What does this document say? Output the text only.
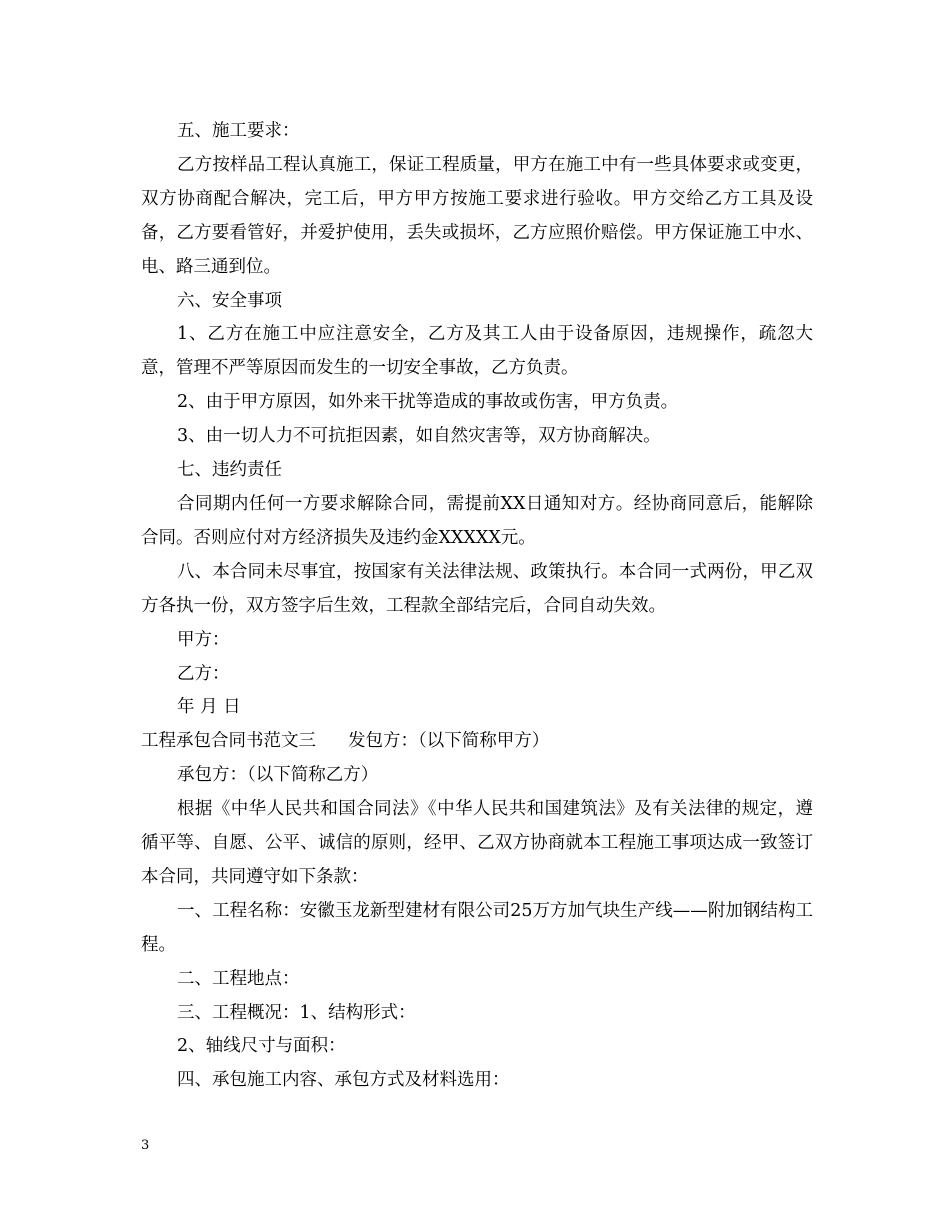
五、施工要求：

乙方按样品工程认真施工，保证工程质量，甲方在施工中有一些具体要求或变更，双方协商配合解决，完工后，甲方甲方按施工要求进行验收。甲方交给乙方工具及设备，乙方要看管好，并爱护使用，丢失或损坏，乙方应照价赔偿。甲方保证施工中水、电、路三通到位。

六、安全事项

1、乙方在施工中应注意安全，乙方及其工人由于设备原因，违规操作，疏忽大意，管理不严等原因而发生的一切安全事故，乙方负责。

2、由于甲方原因，如外来干扰等造成的事故或伤害，甲方负责。

3、由一切人力不可抗拒因素，如自然灾害等，双方协商解决。

七、违约责任

合同期内任何一方要求解除合同，需提前XX日通知对方。经协商同意后，能解除合同。否则应付对方经济损失及违约金XXXXX元。

八、本合同未尽事宜，按国家有关法律法规、政策执行。本合同一式两份，甲乙双方各执一份，双方签字后生效，工程款全部结完后，合同自动失效。

甲方：

乙方：

年 月 日

工程承包合同书范文三 发包方：（以下简称甲方）

承包方：（以下简称乙方）

根据《中华人民共和国合同法》《中华人民共和国建筑法》及有关法律的规定，遵循平等、自愿、公平、诚信的原则，经甲、乙双方协商就本工程施工事项达成一致签订本合同，共同遵守如下条款：

一、工程名称：安徽玉龙新型建材有限公司25万方加气块生产线——附加钢结构工程。

二、工程地点：

三、工程概况：1、结构形式：

2、轴线尺寸与面积：

四、承包施工内容、承包方式及材料选用：

3
